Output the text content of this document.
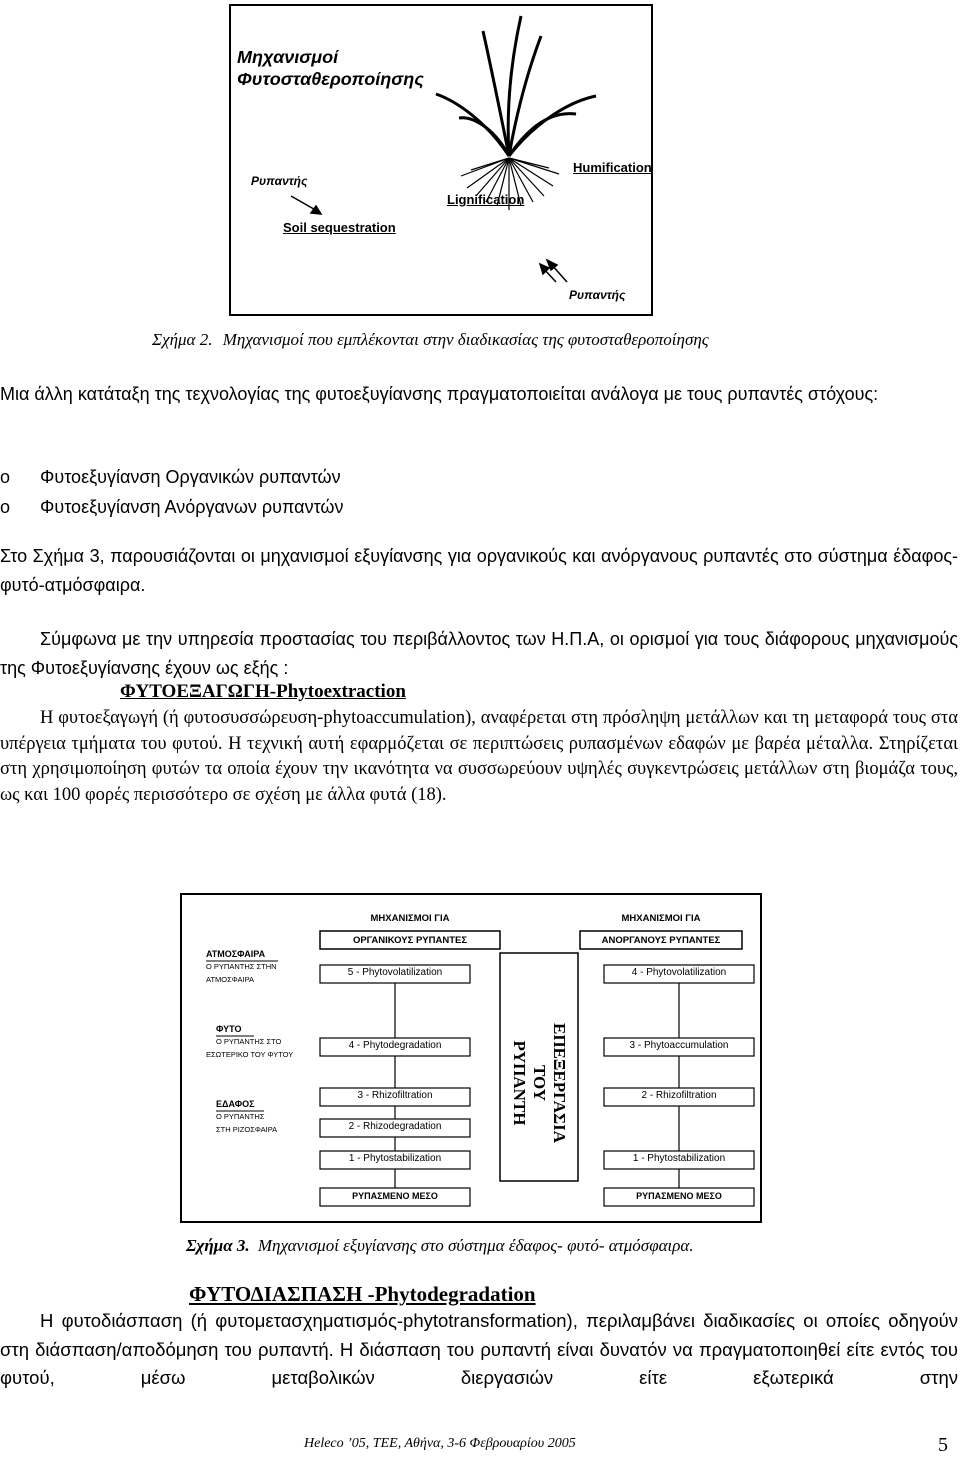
Μηχανισμοί
Φυτοσταθεροποίησης
Ρυπαντής
Soil sequestration
Lignification
Humification
Ρυπαντής
Σχήμα 2. Μηχανισμοί που εμπλέκονται στην διαδικασίας της φυτοσταθεροποίησης
Μια άλλη κατάταξη της τεχνολογίας της φυτοεξυγίανσης πραγματοποιείται ανάλογα με τους ρυπαντές στόχους:
o Φυτοεξυγίανση Οργανικών ρυπαντών
o Φυτοεξυγίανση Ανόργανων ρυπαντών
Στο Σχήμα 3, παρουσιάζονται οι μηχανισμοί εξυγίανσης για οργανικούς και ανόργανους ρυπαντές στο σύστημα έδαφος-φυτό-ατμόσφαιρα.
Σύμφωνα με την υπηρεσία προστασίας του περιβάλλοντος των Η.Π.Α, οι ορισμοί για τους διάφορους μηχανισμούς της Φυτοεξυγίανσης έχουν ως εξής :
ΦΥΤΟΕΞΑΓΩΓΗ-Phytoextraction
Η φυτοεξαγωγή (ή φυτοσυσσώρευση-phytoaccumulation), αναφέρεται στη πρόσληψη μετάλλων και τη μεταφορά τους στα υπέργεια τμήματα του φυτού. Η τεχνική αυτή εφαρμόζεται σε περιπτώσεις ρυπασμένων εδαφών με βαρέα μέταλλα. Στηρίζεται στη χρησιμοποίηση φυτών τα οποία έχουν την ικανότητα να συσσωρεύουν υψηλές συγκεντρώσεις μετάλλων στη βιομάζα τους, ως και 100 φορές περισσότερο σε σχέση με άλλα φυτά (18).
ΜΗΧΑΝΙΣΜΟΙ ΓΙΑ
ΟΡΓΑΝΙΚΟΥΣ ΡΥΠΑΝΤΕΣ
ΜΗΧΑΝΙΣΜΟΙ ΓΙΑ
ΑΝΟΡΓΑΝΟΥΣ ΡΥΠΑΝΤΕΣ
ΕΠΕΞΕΡΓΑΣΙΑ
ΤΟΥ
ΡΥΠΑΝΤΗ
ΑΤΜΟΣΦΑΙΡΑ
Ο ΡΥΠΑΝΤΗΣ ΣΤΗΝ
ΑΤΜΟΣΦΑΙΡΑ
ΦΥΤΟ
Ο ΡΥΠΑΝΤΗΣ ΣΤΟ
ΕΣΩΤΕΡΙΚΟ ΤΟΥ ΦΥΤΟΥ
ΕΔΑΦΟΣ
Ο ΡΥΠΑΝΤΗΣ
ΣΤΗ ΡΙΖΟΣΦΑΙΡΑ
5 - Phytovolatilization
4 - Phytodegradation
3 - Rhizofiltration
2 - Rhizodegradation
1 - Phytostabilization
ΡΥΠΑΣΜΕΝΟ ΜΕΣΟ
4 - Phytovolatilization
3 - Phytoaccumulation
2 - Rhizofiltration
1 - Phytostabilization
ΡΥΠΑΣΜΕΝΟ ΜΕΣΟ
Σχήμα 3. Μηχανισμοί εξυγίανσης στο σύστημα έδαφος- φυτό- ατμόσφαιρα.
ΦΥΤΟΔΙΑΣΠΑΣΗ -Phytodegradation
Η φυτοδιάσπαση (ή φυτομετασχηματισμός-phytotransformation), περιλαμβάνει διαδικασίες οι οποίες οδηγούν στη διάσπαση/αποδόμηση του ρυπαντή. Η διάσπαση του ρυπαντή είναι δυνατόν να πραγματοποιηθεί είτε εντός του φυτού, μέσω μεταβολικών διεργασιών είτε εξωτερικά στην
Heleco ’05, ΤΕΕ, Αθήνα, 3-6 Φεβρουαρίου 2005	5
